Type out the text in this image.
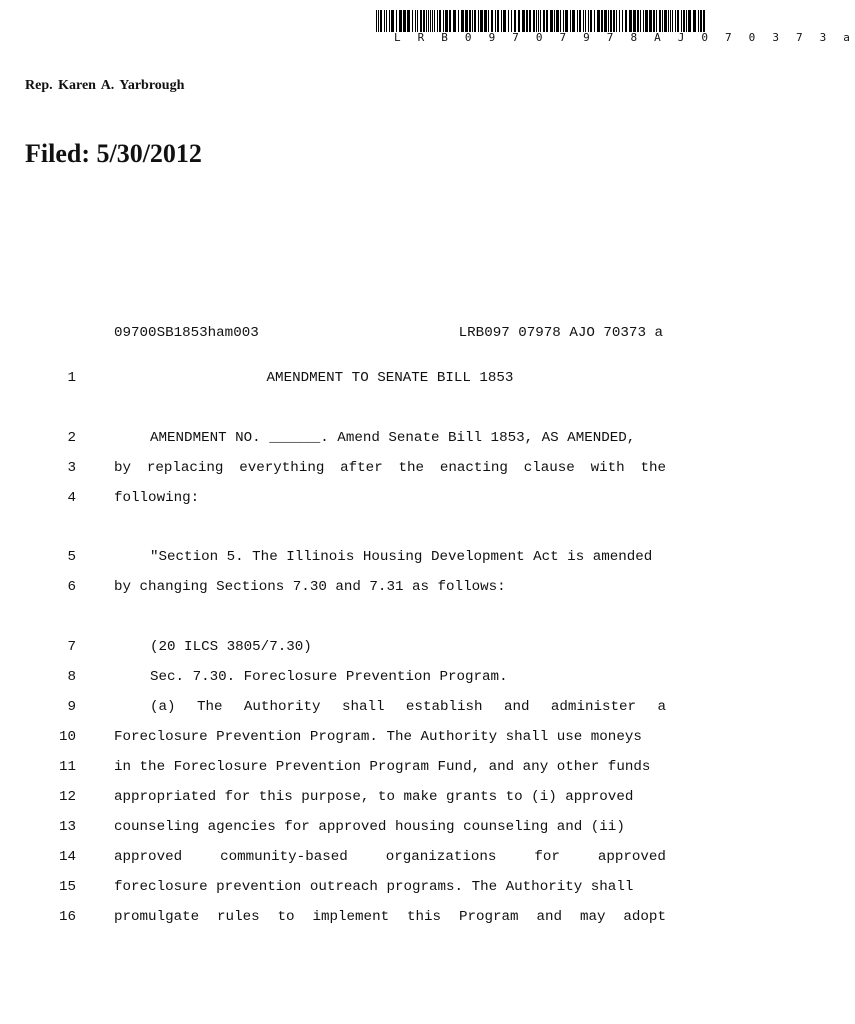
L R B 0 9 7 0 7 9 7 8 A J 0 7 0 3 7 3 a
Rep. Karen A. Yarbrough
Filed: 5/30/2012
09700SB1853ham003	LRB097 07978 AJO 70373 a

1

	AMENDMENT TO SENATE BILL 1853

2

	AMENDMENT NO. ______. Amend Senate Bill 1853, AS AMENDED,

3

	by replacing everything after the enacting clause with the

4

	following:

5

	"Section 5. The Illinois Housing Development Act is amended

6

	by changing Sections 7.30 and 7.31 as follows:

7

	(20 ILCS 3805/7.30)

8

	Sec. 7.30. Foreclosure Prevention Program.

9

	(a) The Authority shall establish and administer a

10

	Foreclosure Prevention Program. The Authority shall use moneys

11

	in the Foreclosure Prevention Program Fund, and any other funds

12

	appropriated for this purpose, to make grants to (i) approved

13

	counseling agencies for approved housing counseling and (ii)

14

	approved	community-based	organizations	for	approved

15

	foreclosure prevention outreach programs. The Authority shall

16

	promulgate rules to implement this Program and may adopt
